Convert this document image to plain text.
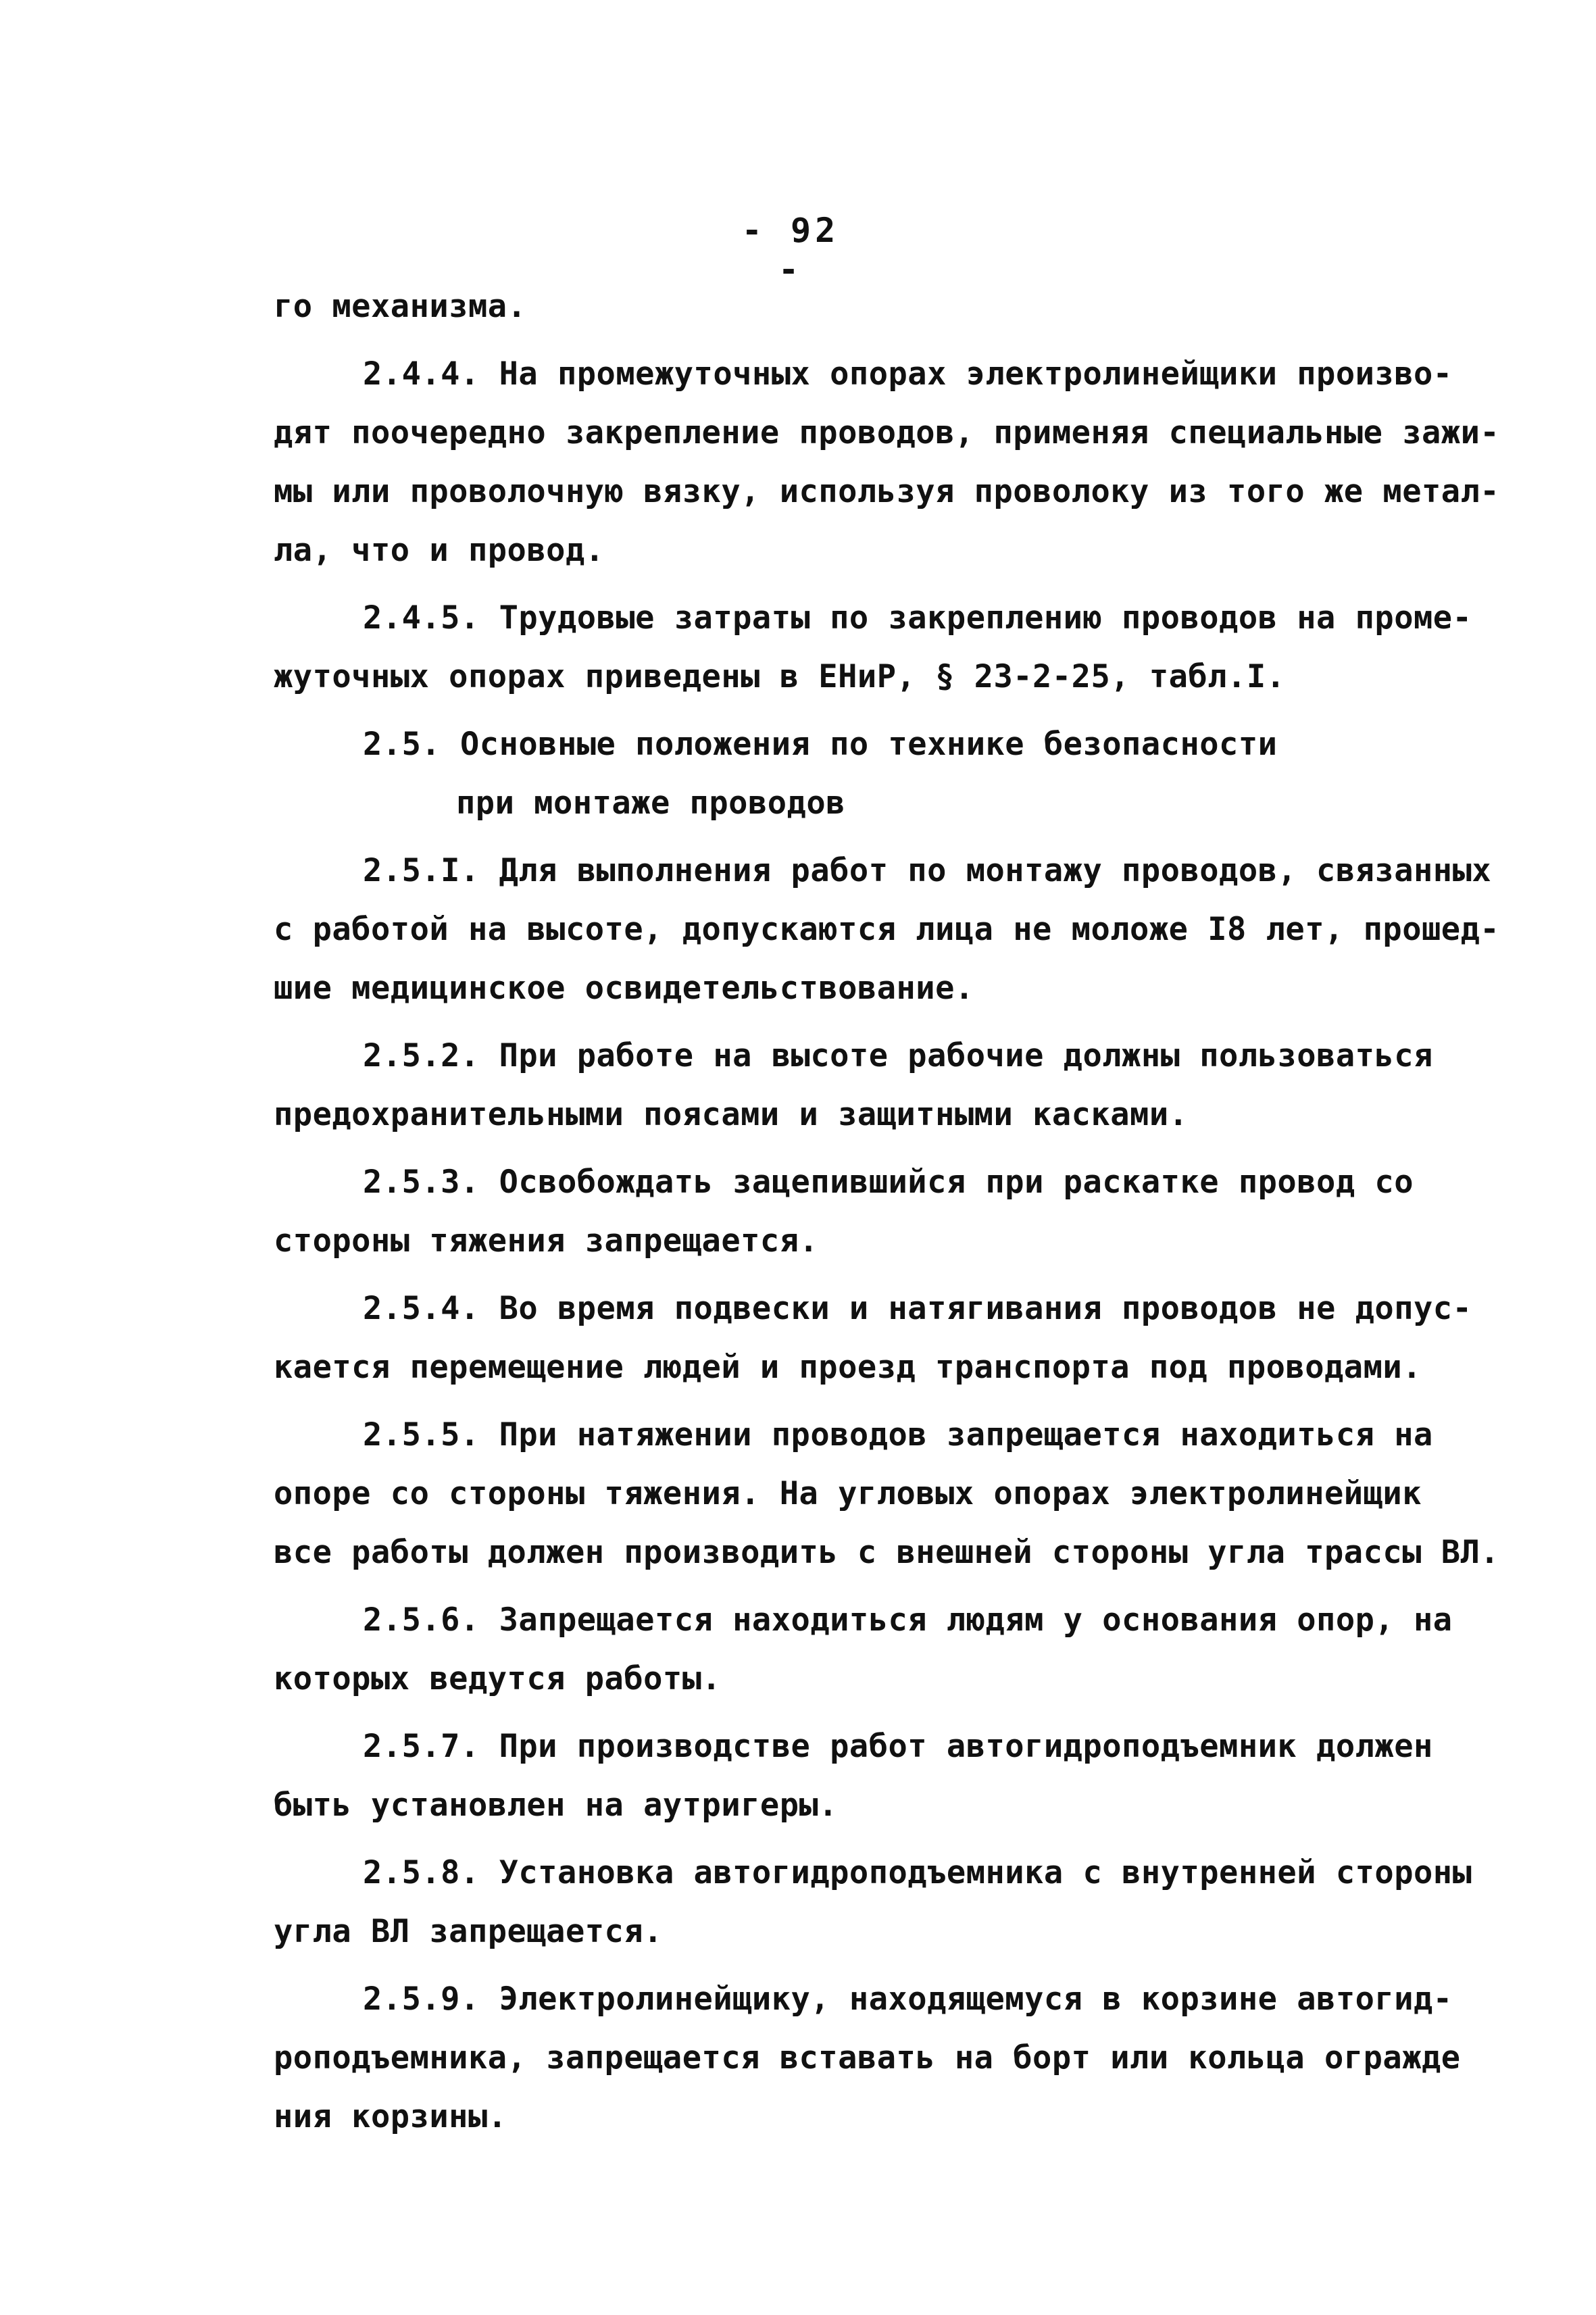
- 92 -
го механизма.
2.4.4. На промежуточных опорах электролинейщики произво-
дят поочередно закрепление проводов, применяя специальные зажи-
мы или проволочную вязку, используя проволоку из того же метал-
ла, что и провод.
2.4.5. Трудовые затраты по закреплению проводов на проме-
жуточных опорах приведены в ЕНиР, § 23-2-25, табл.I.
2.5. Основные положения по технике безопасности
при монтаже проводов
2.5.I. Для выполнения работ по монтажу проводов, связанных
с работой на высоте, допускаются лица не моложе I8 лет, прошед-
шие медицинское освидетельствование.
2.5.2. При работе на высоте рабочие должны пользоваться
предохранительными поясами и защитными касками.
2.5.3. Освобождать зацепившийся при раскатке провод со
стороны тяжения запрещается.
2.5.4. Во время подвески и натягивания проводов не допус-
кается перемещение людей и проезд транспорта под проводами.
2.5.5. При натяжении проводов запрещается находиться на
опоре со стороны тяжения. На угловых опорах электролинейщик
все работы должен производить с внешней стороны угла трассы ВЛ.
2.5.6. Запрещается находиться людям у основания опор, на
которых ведутся работы.
2.5.7. При производстве работ автогидроподъемник должен
быть установлен на аутригеры.
2.5.8. Установка автогидроподъемника с внутренней стороны
угла ВЛ запрещается.
2.5.9. Электролинейщику, находящемуся в корзине автогид-
роподъемника, запрещается вставать на борт или кольца огражде
ния корзины.
